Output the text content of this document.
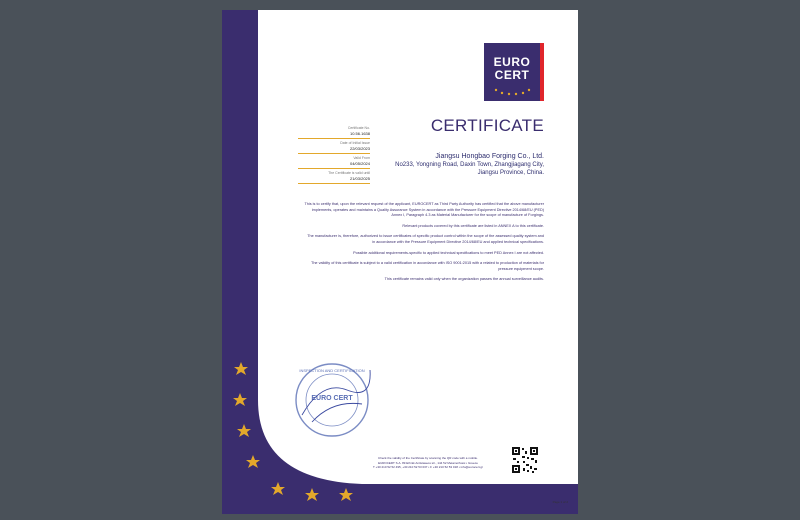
EURO
CERT
CERTIFICATE
Certificate No.
10.56.1638
Date of Initial Issue
22/03/2023
Valid From
04/05/2024
The Certificate is valid until
21/03/2025
Jiangsu Hongbao Forging Co., Ltd.
No233, Yongning Road, Daxin Town, Zhangjiagang City,
Jiangsu Province, China.

This is to certify that, upon the relevant request of the applicant, EUROCERT as Third Party Authority has certified that the above manufacturer implements, operates and maintains a Quality Assurance System in accordance with the Pressure Equipment Directive 2014/68/EU (PED) Annex I, Paragraph 4.3 as Material Manufacturer for the scope of manufacture of Forgings.

Relevant products covered by this certificate are listed in ANNEX A to this certificate.

The manufacturer is, therefore, authorized to issue certificates of specific product control within the scope of the assessed quality system and in accordance with the Pressure Equipment Directive 2014/68/EU and applied technical specifications.

Possible additional requirements-specific to applied technical specifications to meet PED Annex I are not affected.

The validity of this certificate is subject to a valid certification in accordance with ISO 9001:2015 with a related to production of materials for pressure equipment scope.

This certificate remains valid only when the organization passes the annual surveillance audits.

INSPECTION AND CERTIFICATION
EURO CERT
Check the validity of the Certificate by scanning the QR code with a mobile.
EUROCERT S.A. 89 Ethnik Antistaseos str., 144 52 Metamorfossi • Greece
T +30 210 52 52 495, +30 210 52 53 037 • F +30 210 52 53 018 • info@eurocert.gr
Page 1 of 2
